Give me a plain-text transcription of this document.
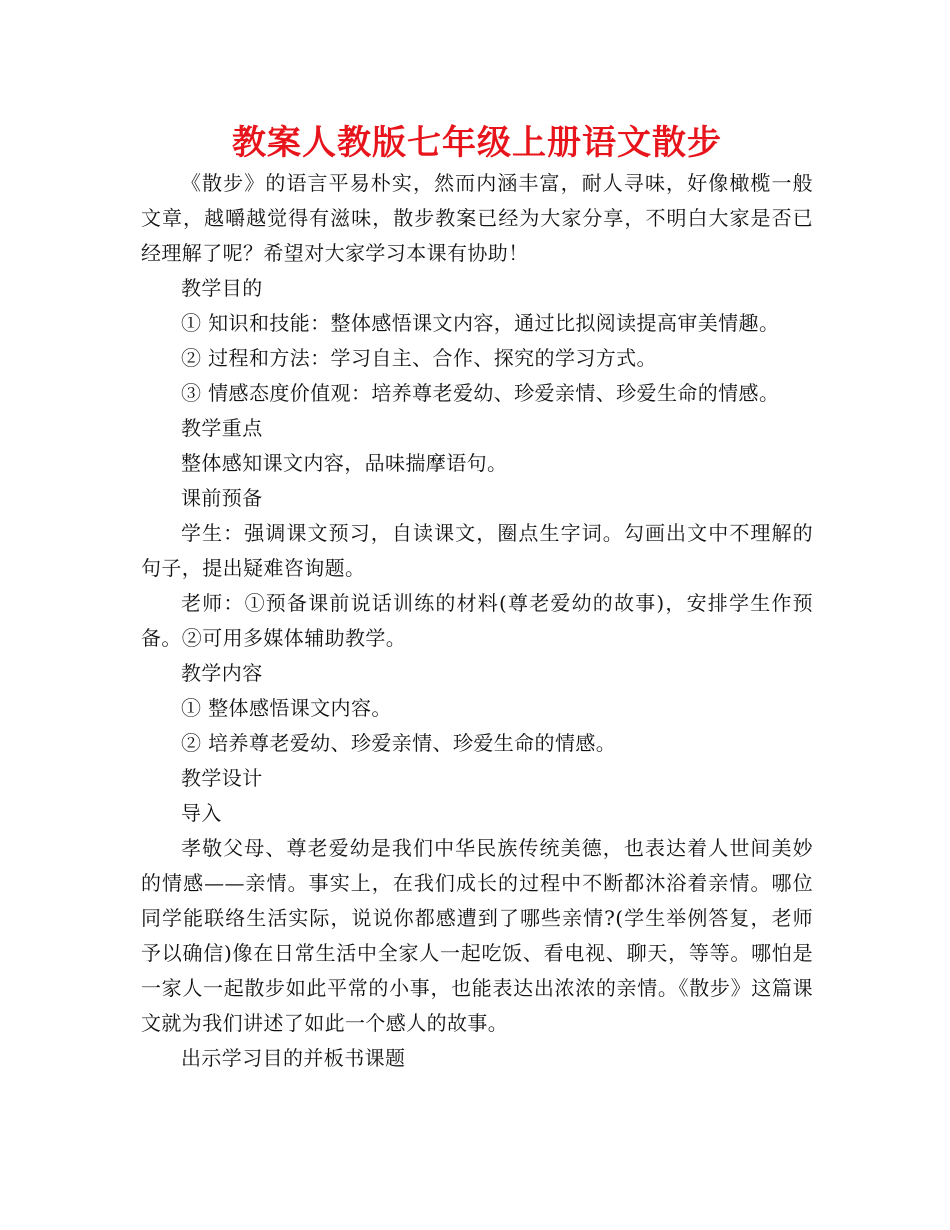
教案人教版七年级上册语文散步

《散步》的语言平易朴实，然而内涵丰富，耐人寻味，好像橄榄一般文章，越嚼越觉得有滋味，散步教案已经为大家分享，不明白大家是否已经理解了呢？希望对大家学习本课有协助！

教学目的

① 知识和技能：整体感悟课文内容，通过比拟阅读提高审美情趣。

② 过程和方法：学习自主、合作、探究的学习方式。

③ 情感态度价值观：培养尊老爱幼、珍爱亲情、珍爱生命的情感。

教学重点

整体感知课文内容，品味揣摩语句。

课前预备

学生：强调课文预习，自读课文，圈点生字词。勾画出文中不理解的句子，提出疑难咨询题。

老师：①预备课前说话训练的材料(尊老爱幼的故事)，安排学生作预备。②可用多媒体辅助教学。

教学内容

① 整体感悟课文内容。

② 培养尊老爱幼、珍爱亲情、珍爱生命的情感。

教学设计

导入

孝敬父母、尊老爱幼是我们中华民族传统美德，也表达着人世间美妙的情感——亲情。事实上，在我们成长的过程中不断都沐浴着亲情。哪位同学能联络生活实际，说说你都感遭到了哪些亲情?(学生举例答复，老师予以确信)像在日常生活中全家人一起吃饭、看电视、聊天，等等。哪怕是一家人一起散步如此平常的小事，也能表达出浓浓的亲情。《散步》这篇课文就为我们讲述了如此一个感人的故事。

出示学习目的并板书课题
